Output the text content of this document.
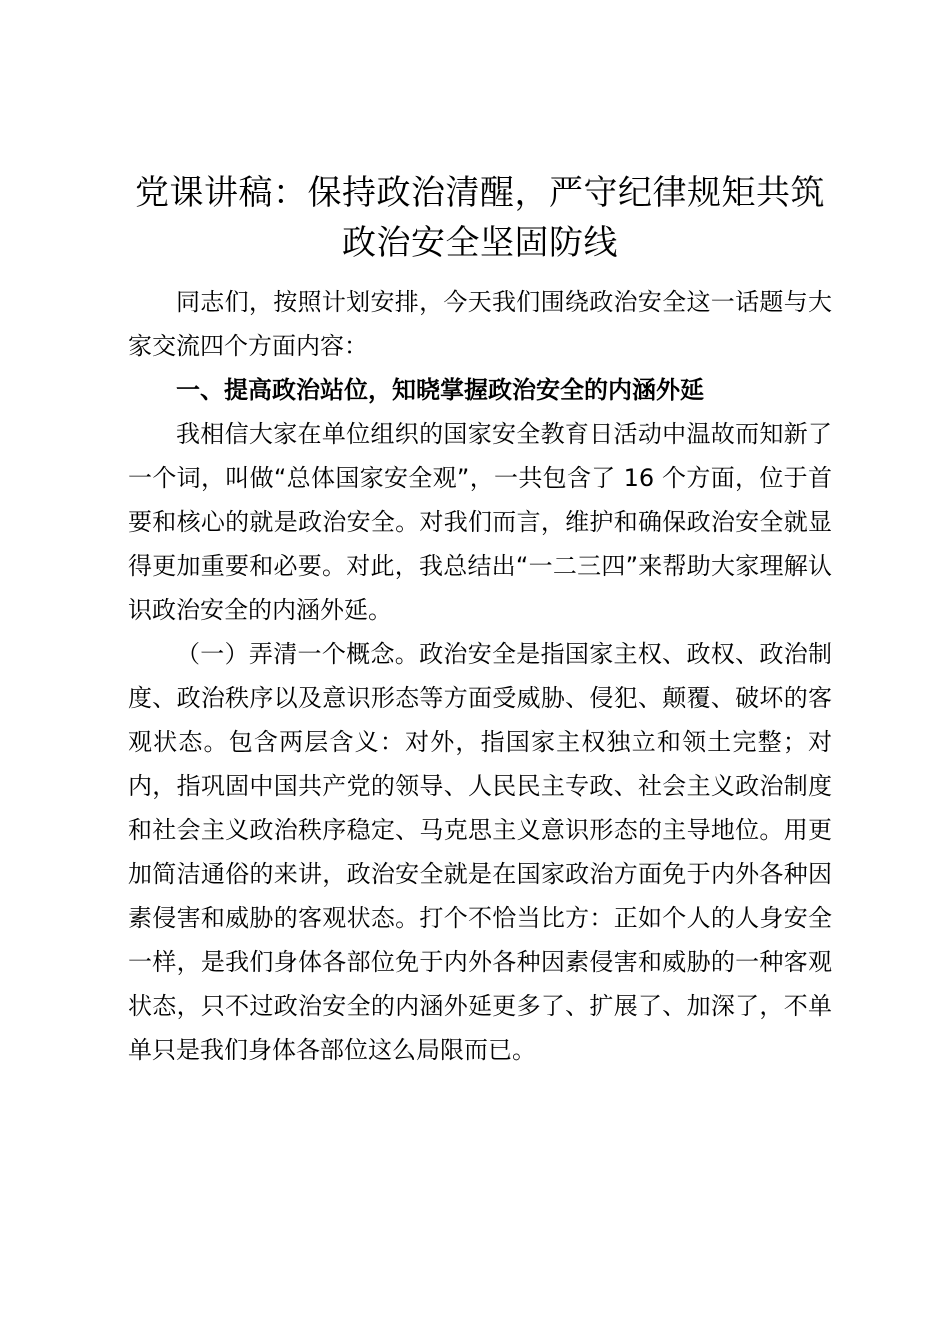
党课讲稿：保持政治清醒，严守纪律规矩共筑政治安全坚固防线

同志们，按照计划安排，今天我们围绕政治安全这一话题与大家交流四个方面内容：

一、提高政治站位，知晓掌握政治安全的内涵外延

我相信大家在单位组织的国家安全教育日活动中温故而知新了一个词，叫做“总体国家安全观”，一共包含了 16 个方面，位于首要和核心的就是政治安全。对我们而言，维护和确保政治安全就显得更加重要和必要。对此，我总结出“一二三四”来帮助大家理解认识政治安全的内涵外延。

（一）弄清一个概念。政治安全是指国家主权、政权、政治制度、政治秩序以及意识形态等方面受威胁、侵犯、颠覆、破坏的客观状态。包含两层含义：对外，指国家主权独立和领土完整；对内，指巩固中国共产党的领导、人民民主专政、社会主义政治制度和社会主义政治秩序稳定、马克思主义意识形态的主导地位。用更加简洁通俗的来讲，政治安全就是在国家政治方面免于内外各种因素侵害和威胁的客观状态。打个不恰当比方：正如个人的人身安全一样，是我们身体各部位免于内外各种因素侵害和威胁的一种客观状态，只不过政治安全的内涵外延更多了、扩展了、加深了，不单单只是我们身体各部位这么局限而已。
